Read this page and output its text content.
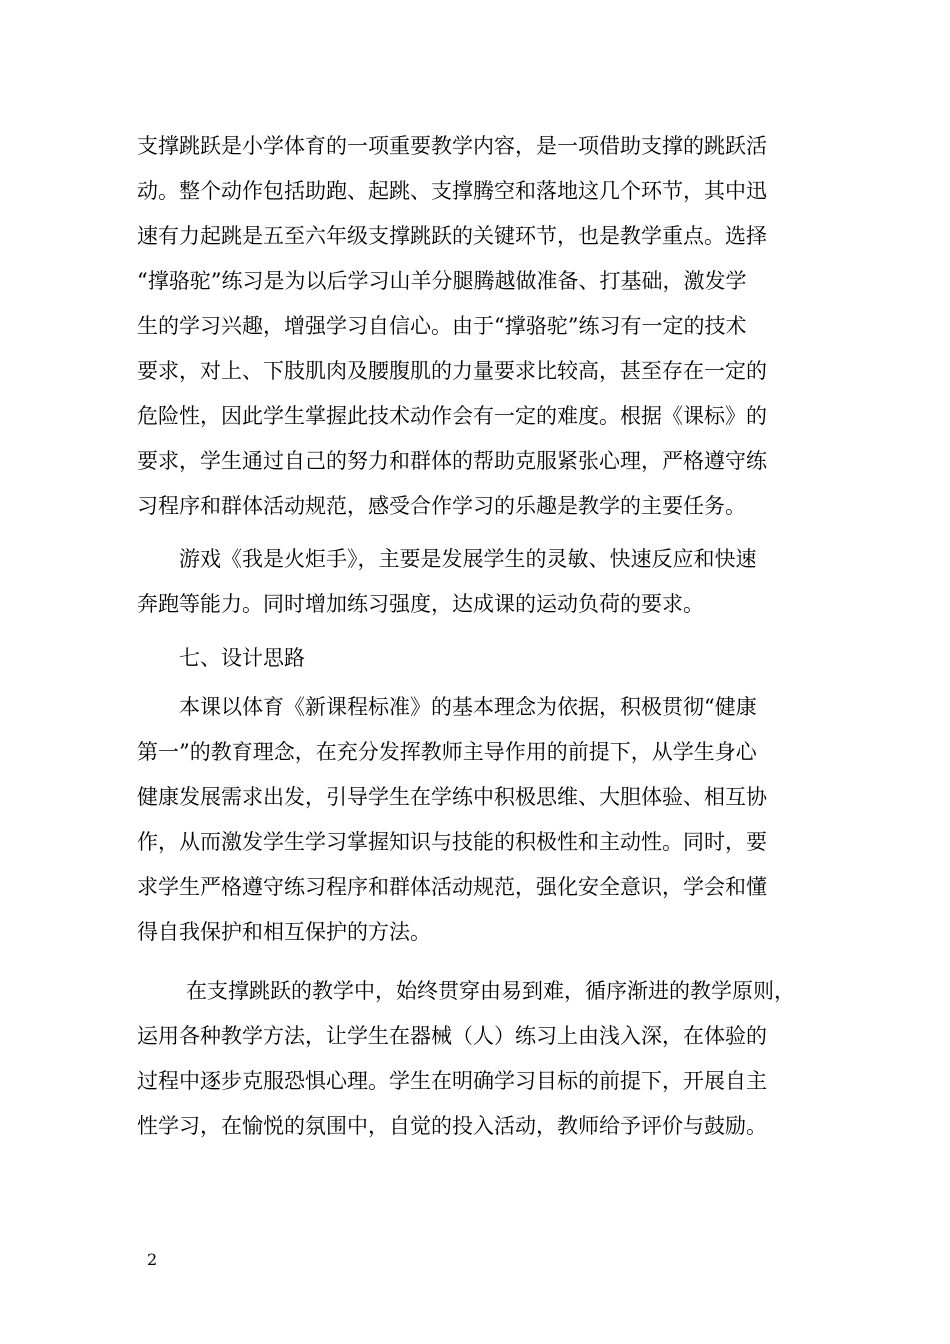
支撑跳跃是小学体育的一项重要教学内容，是一项借助支撑的跳跃活
动。整个动作包括助跑、起跳、支撑腾空和落地这几个环节，其中迅
速有力起跳是五至六年级支撑跳跃的关键环节，也是教学重点。选择
“撑骆驼”练习是为以后学习山羊分腿腾越做准备、打基础，激发学
生的学习兴趣，增强学习自信心。由于“撑骆驼”练习有一定的技术
要求，对上、下肢肌肉及腰腹肌的力量要求比较高，甚至存在一定的
危险性，因此学生掌握此技术动作会有一定的难度。根据《课标》的
要求，学生通过自己的努力和群体的帮助克服紧张心理，严格遵守练
习程序和群体活动规范，感受合作学习的乐趣是教学的主要任务。

游戏《我是火炬手》，主要是发展学生的灵敏、快速反应和快速
奔跑等能力。同时增加练习强度，达成课的运动负荷的要求。

七、设计思路

本课以体育《新课程标准》的基本理念为依据，积极贯彻“健康
第一”的教育理念，在充分发挥教师主导作用的前提下，从学生身心
健康发展需求出发，引导学生在学练中积极思维、大胆体验、相互协
作，从而激发学生学习掌握知识与技能的积极性和主动性。同时，要
求学生严格遵守练习程序和群体活动规范，强化安全意识，学会和懂
得自我保护和相互保护的方法。

在支撑跳跃的教学中，始终贯穿由易到难，循序渐进的教学原则，
运用各种教学方法，让学生在器械（人）练习上由浅入深，在体验的
过程中逐步克服恐惧心理。学生在明确学习目标的前提下，开展自主
性学习，在愉悦的氛围中，自觉的投入活动，教师给予评价与鼓励。

2
